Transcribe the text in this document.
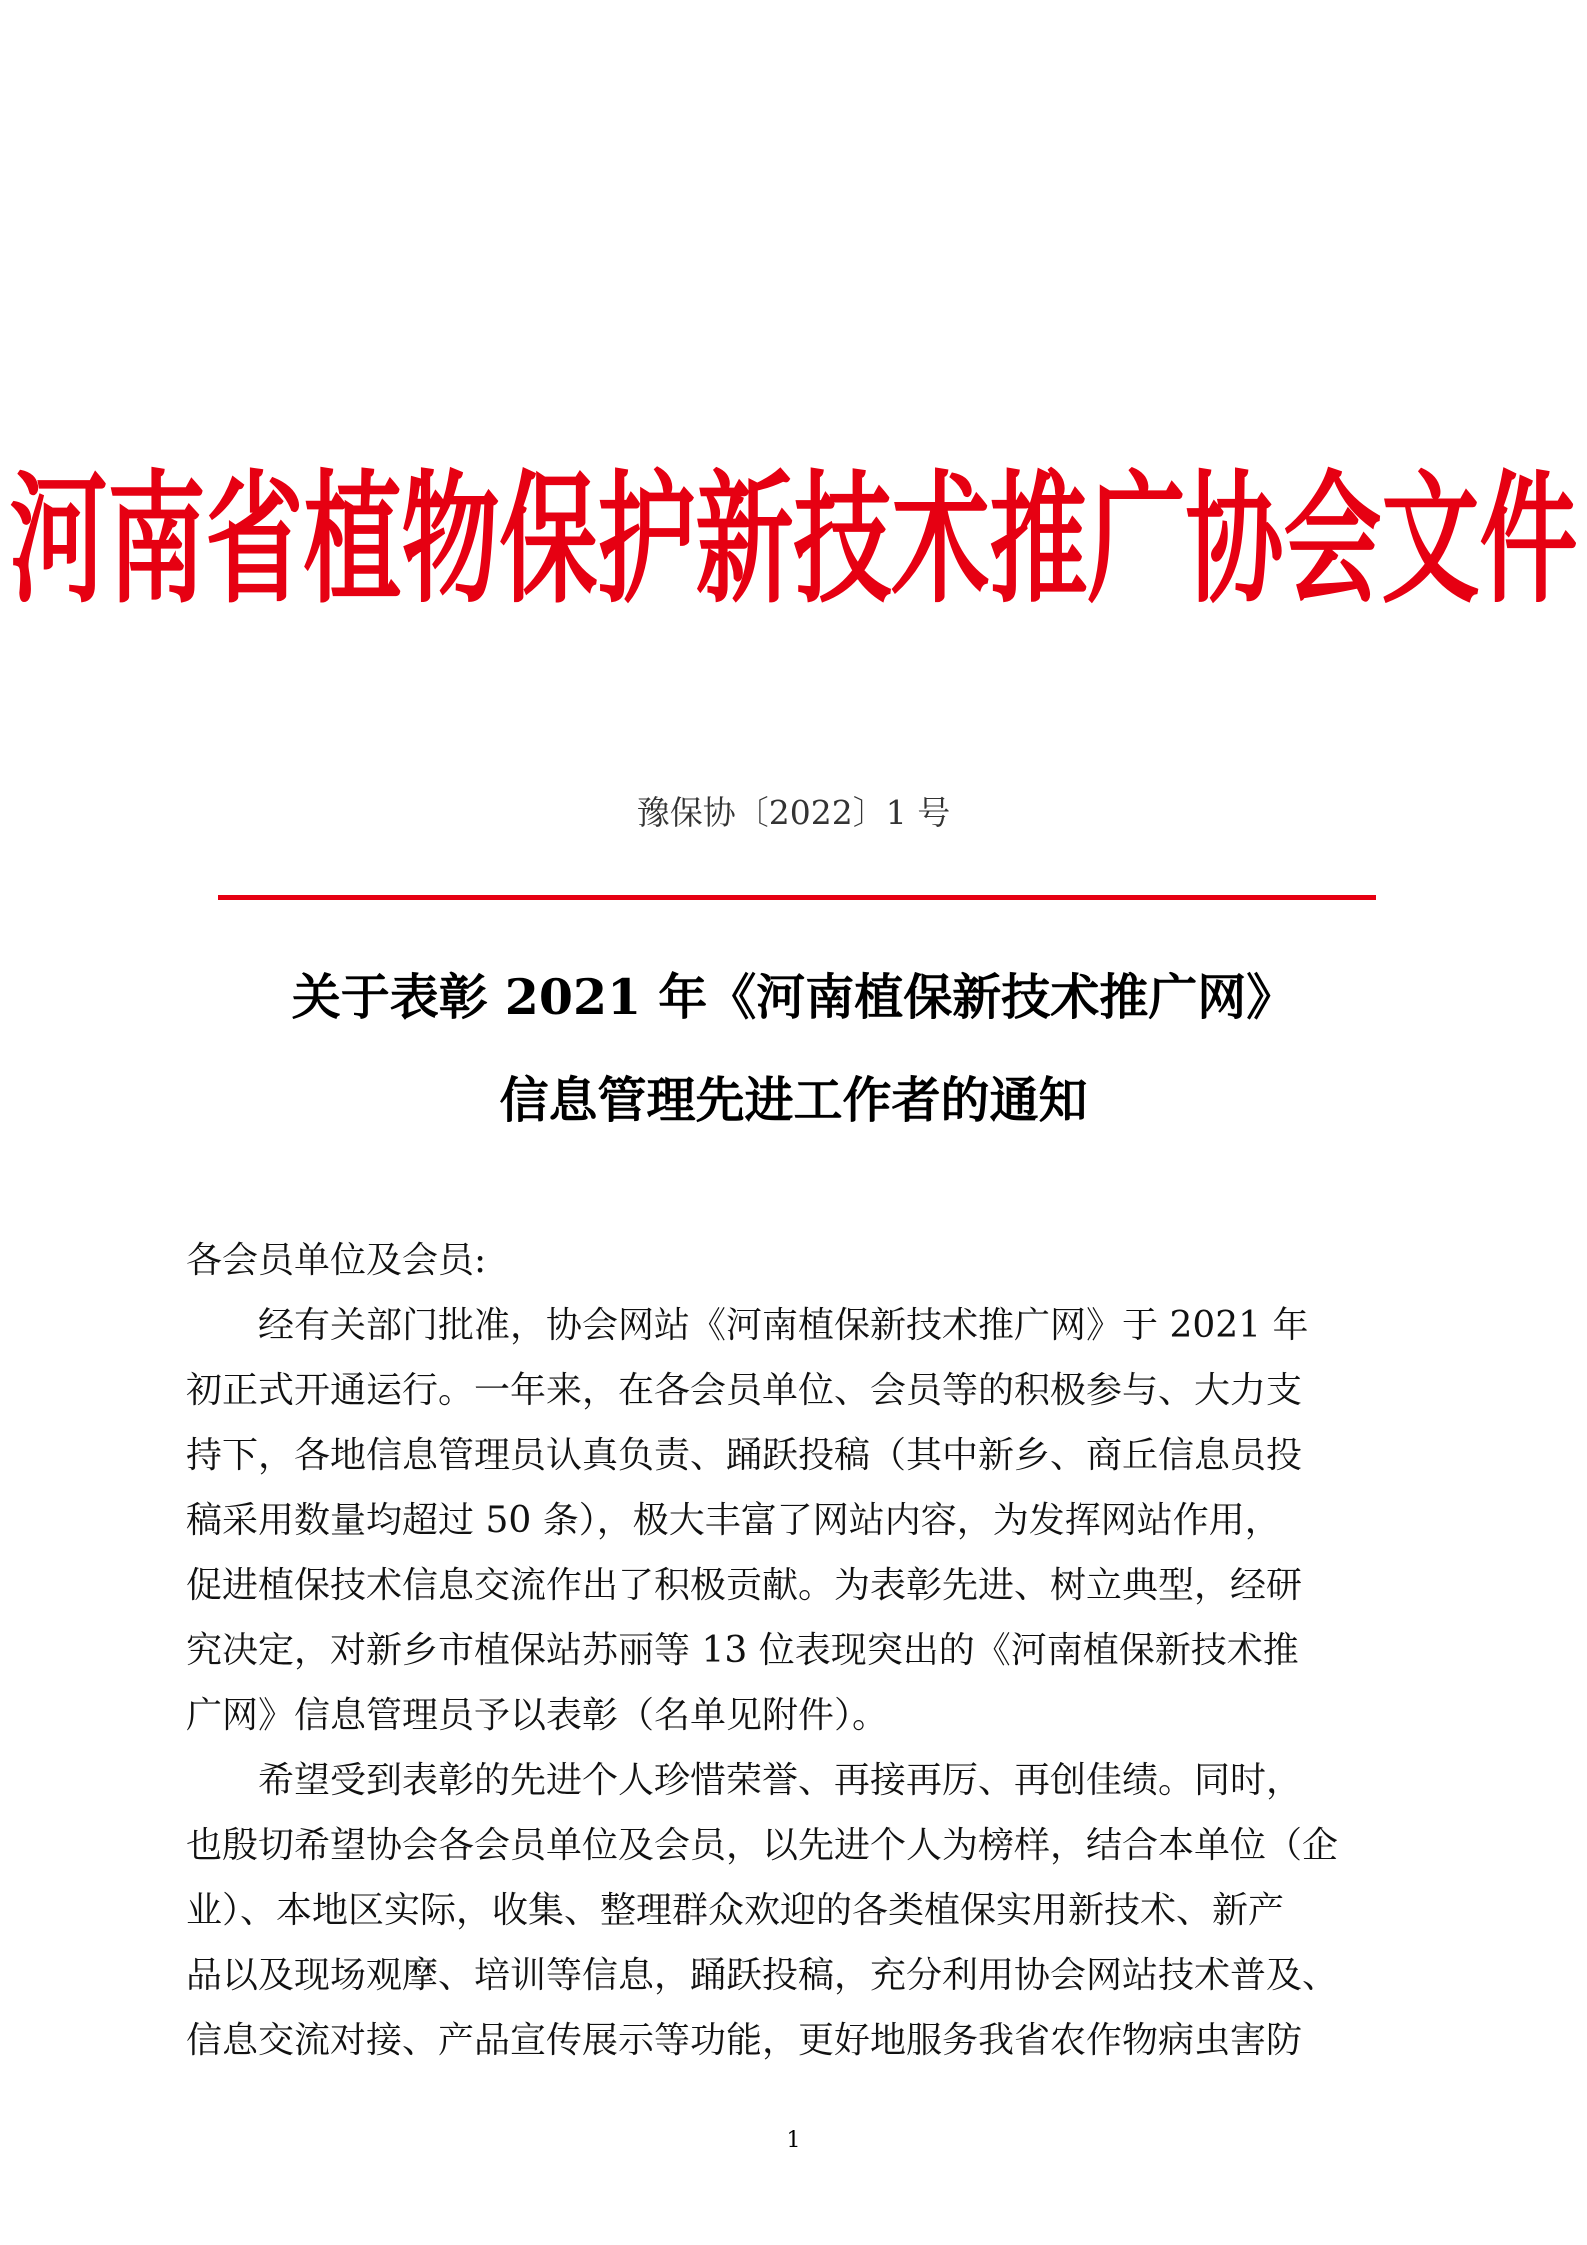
河南省植物保护新技术推广协会文件
豫保协〔2022〕1 号
关于表彰 2021 年《河南植保新技术推广网》
信息管理先进工作者的通知
各会员单位及会员:
　　经有关部门批准，协会网站《河南植保新技术推广网》于 2021 年
初正式开通运行。一年来，在各会员单位、会员等的积极参与、大力支
持下，各地信息管理员认真负责、踊跃投稿（其中新乡、商丘信息员投
稿采用数量均超过 50 条），极大丰富了网站内容，为发挥网站作用，
促进植保技术信息交流作出了积极贡献。为表彰先进、树立典型，经研
究决定，对新乡市植保站苏丽等 13 位表现突出的《河南植保新技术推
广网》信息管理员予以表彰（名单见附件）。
　　希望受到表彰的先进个人珍惜荣誉、再接再厉、再创佳绩。同时，
也殷切希望协会各会员单位及会员，以先进个人为榜样，结合本单位（企
业）、本地区实际，收集、整理群众欢迎的各类植保实用新技术、新产
品以及现场观摩、培训等信息，踊跃投稿，充分利用协会网站技术普及、
信息交流对接、产品宣传展示等功能，更好地服务我省农作物病虫害防
1
